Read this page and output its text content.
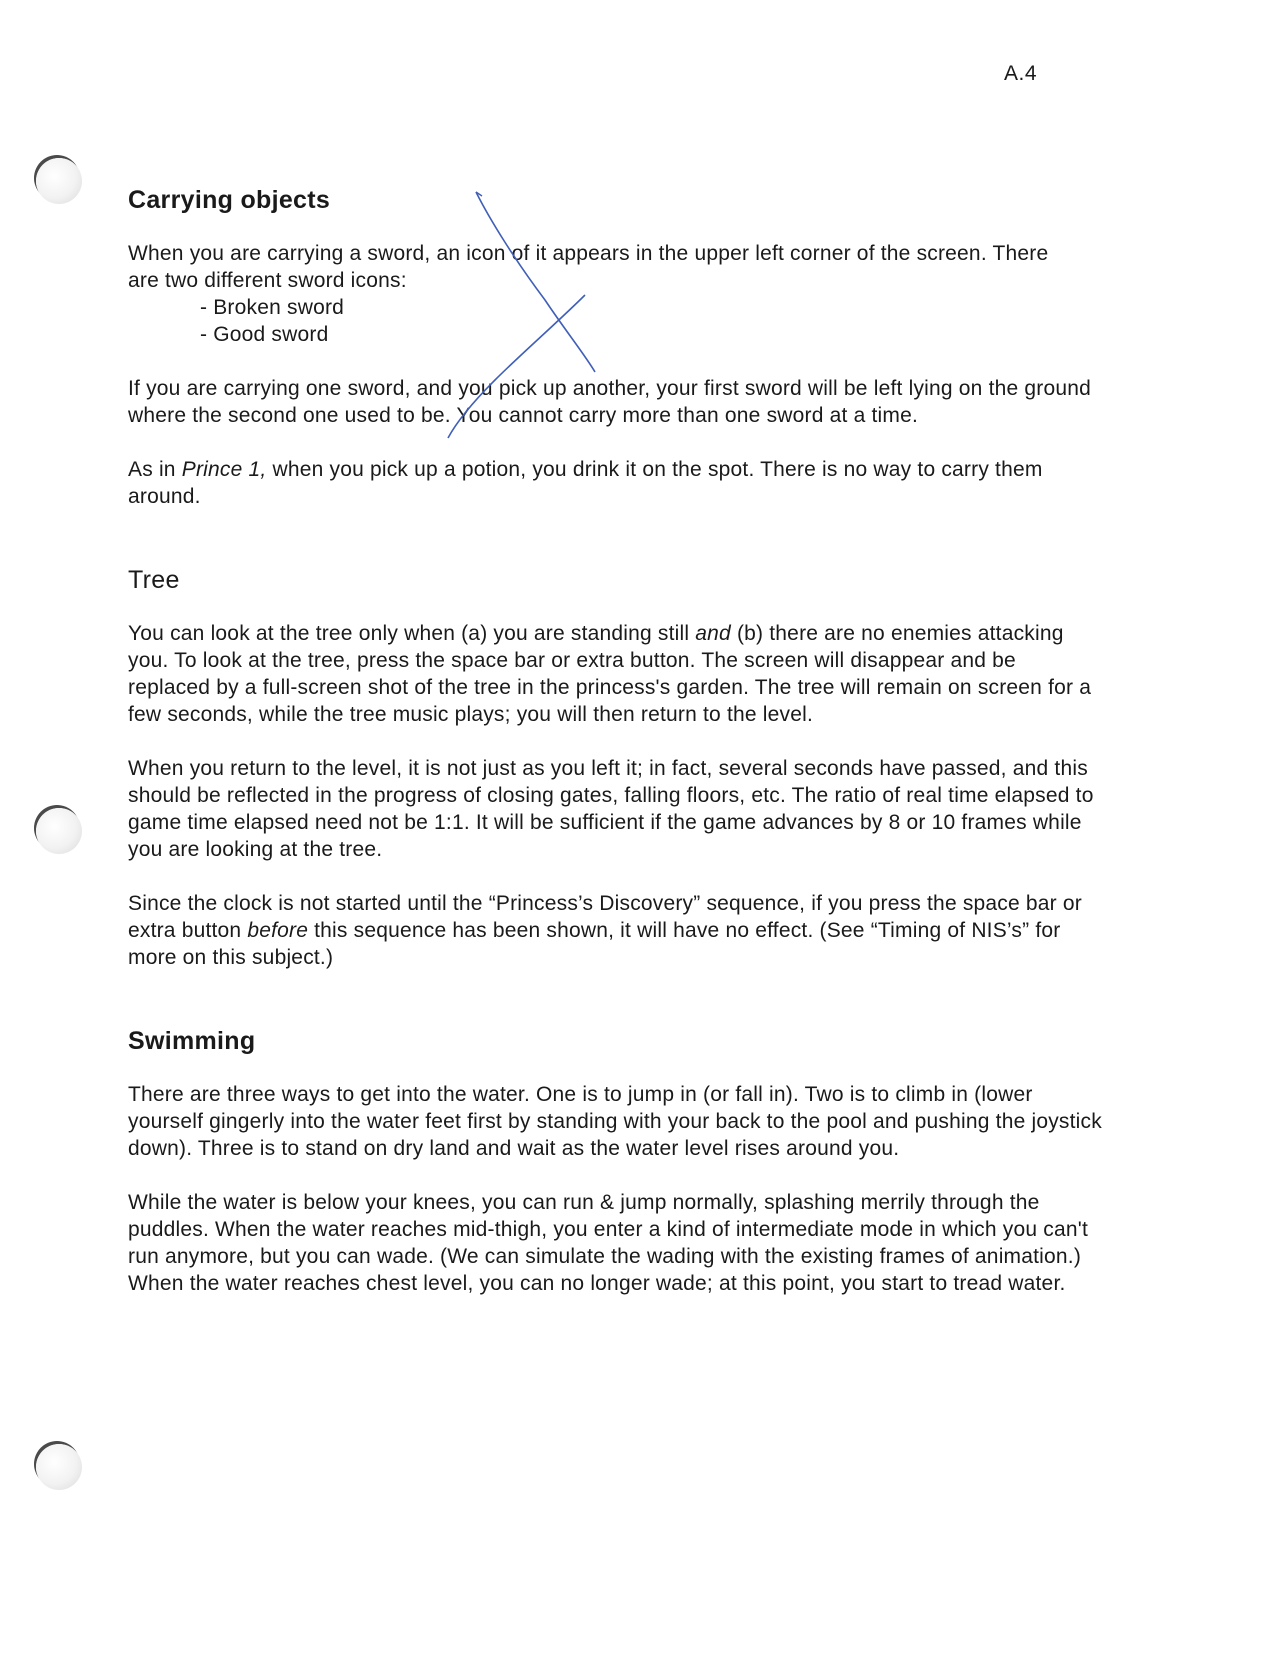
A.4
Carrying objects

When you are carrying a sword, an icon of it appears in the upper left corner of the screen. There are two different sword icons:

- Broken sword

- Good sword

If you are carrying one sword, and you pick up another, your first sword will be left lying on the ground where the second one used to be. You cannot carry more than one sword at a time.

As in Prince 1, when you pick up a potion, you drink it on the spot. There is no way to carry them around.

Tree

You can look at the tree only when (a) you are standing still and (b) there are no enemies attacking you. To look at the tree, press the space bar or extra button. The screen will disappear and be replaced by a full-screen shot of the tree in the princess's garden. The tree will remain on screen for a few seconds, while the tree music plays; you will then return to the level.

When you return to the level, it is not just as you left it; in fact, several seconds have passed, and this should be reflected in the progress of closing gates, falling floors, etc. The ratio of real time elapsed to game time elapsed need not be 1:1. It will be sufficient if the game advances by 8 or 10 frames while you are looking at the tree.

Since the clock is not started until the “Princess’s Discovery” sequence, if you press the space bar or extra button before this sequence has been shown, it will have no effect. (See “Timing of NIS’s” for more on this subject.)

Swimming

There are three ways to get into the water. One is to jump in (or fall in). Two is to climb in (lower yourself gingerly into the water feet first by standing with your back to the pool and pushing the joystick down). Three is to stand on dry land and wait as the water level rises around you.

While the water is below your knees, you can run & jump normally, splashing merrily through the puddles. When the water reaches mid-thigh, you enter a kind of intermediate mode in which you can't run anymore, but you can wade. (We can simulate the wading with the existing frames of animation.) When the water reaches chest level, you can no longer wade; at this point, you start to tread water.
